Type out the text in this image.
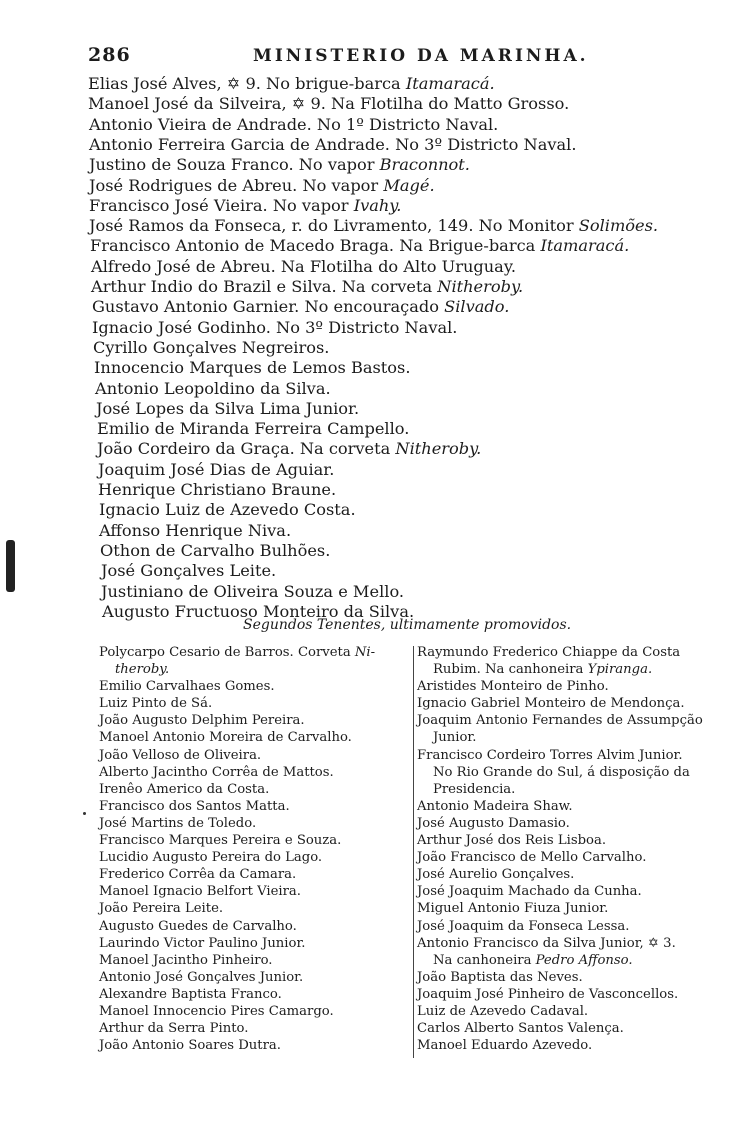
286	MINISTERIO DA MARINHA.
Elias José Alves, ✡ 9. No brigue-barca Itamaracá.
Manoel José da Silveira, ✡ 9. Na Flotilha do Matto Grosso.
Antonio Vieira de Andrade. No 1º Districto Naval.
Antonio Ferreira Garcia de Andrade. No 3º Districto Naval.
Justino de Souza Franco. No vapor Braconnot.
José Rodrigues de Abreu. No vapor Magé.
Francisco José Vieira. No vapor Ivahy.
José Ramos da Fonseca, r. do Livramento, 149. No Monitor Solimões.
Francisco Antonio de Macedo Braga. Na Brigue-barca Itamaracá.
Alfredo José de Abreu. Na Flotilha do Alto Uruguay.
Arthur Indio do Brazil e Silva. Na corveta Nitheroby.
Gustavo Antonio Garnier. No encouraçado Silvado.
Ignacio José Godinho. No 3º Districto Naval.
Cyrillo Gonçalves Negreiros.
Innocencio Marques de Lemos Bastos.
Antonio Leopoldino da Silva.
José Lopes da Silva Lima Junior.
Emilio de Miranda Ferreira Campello.
João Cordeiro da Graça. Na corveta Nitheroby.
Joaquim José Dias de Aguiar.
Henrique Christiano Braune.
Ignacio Luiz de Azevedo Costa.
Affonso Henrique Niva.
Othon de Carvalho Bulhões.
José Gonçalves Leite.
Justiniano de Oliveira Souza e Mello.
Augusto Fructuoso Monteiro da Silva.
Segundos Tenentes, ultimamente promovidos.
Polycarpo Cesario de Barros. Corveta Ni-
theroby.
Emilio Carvalhaes Gomes.
Luiz Pinto de Sá.
João Augusto Delphim Pereira.
Manoel Antonio Moreira de Carvalho.
João Velloso de Oliveira.
Alberto Jacintho Corrêa de Mattos.
Irenêo Americo da Costa.
Francisco dos Santos Matta.
José Martins de Toledo.
Francisco Marques Pereira e Souza.
Lucidio Augusto Pereira do Lago.
Frederico Corrêa da Camara.
Manoel Ignacio Belfort Vieira.
João Pereira Leite.
Augusto Guedes de Carvalho.
Laurindo Victor Paulino Junior.
Manoel Jacintho Pinheiro.
Antonio José Gonçalves Junior.
Alexandre Baptista Franco.
Manoel Innocencio Pires Camargo.
Arthur da Serra Pinto.
João Antonio Soares Dutra.
Raymundo Frederico Chiappe da Costa
Rubim. Na canhoneira Ypiranga.
Aristides Monteiro de Pinho.
Ignacio Gabriel Monteiro de Mendonça.
Joaquim Antonio Fernandes de Assumpção
Junior.
Francisco Cordeiro Torres Alvim Junior.
No Rio Grande do Sul, á disposição da
Presidencia.
Antonio Madeira Shaw.
José Augusto Damasio.
Arthur José dos Reis Lisboa.
João Francisco de Mello Carvalho.
José Aurelio Gonçalves.
José Joaquim Machado da Cunha.
Miguel Antonio Fiuza Junior.
José Joaquim da Fonseca Lessa.
Antonio Francisco da Silva Junior, ✡ 3.
Na canhoneira Pedro Affonso.
João Baptista das Neves.
Joaquim José Pinheiro de Vasconcellos.
Luiz de Azevedo Cadaval.
Carlos Alberto Santos Valença.
Manoel Eduardo Azevedo.
